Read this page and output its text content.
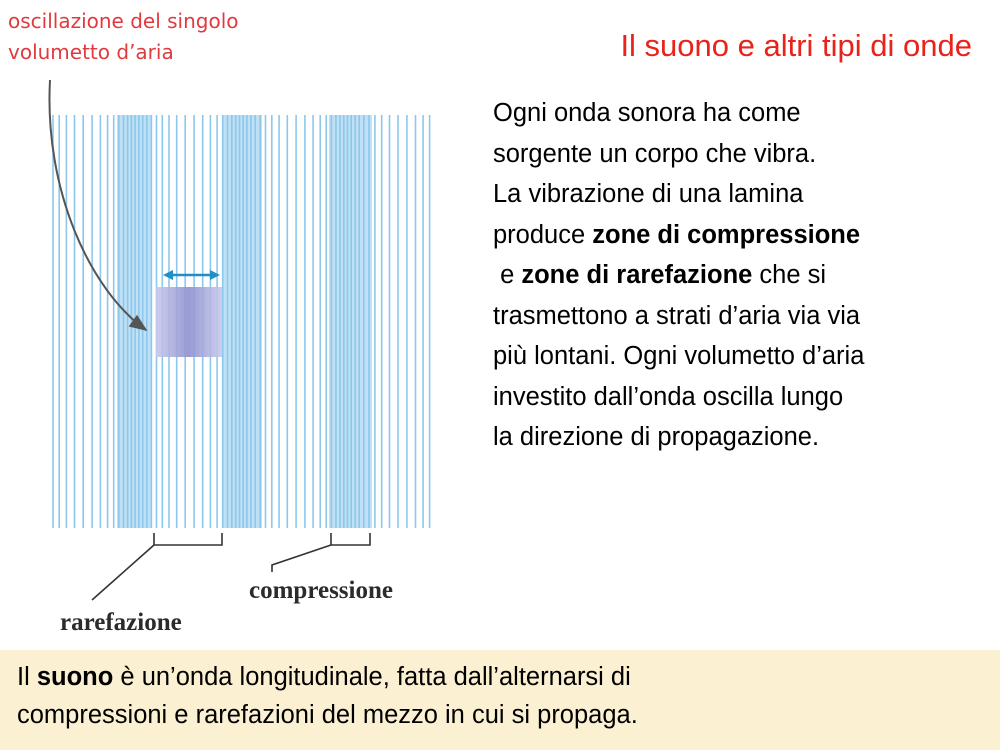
Il suono e altri tipi di onde
oscillazione del singolo
volumetto d’aria
compressione
rarefazione

Ogni onda sonora ha come

sorgente un corpo che vibra.

La vibrazione di una lamina

produce zone di compressione

e zone di rarefazione che si

trasmettono a strati d’aria via via

più lontani. Ogni volumetto d’aria

investito dall’onda oscilla lungo

la direzione di propagazione.

Il suono è un’onda longitudinale, fatta dall’alternarsi di

compressioni e rarefazioni del mezzo in cui si propaga.
